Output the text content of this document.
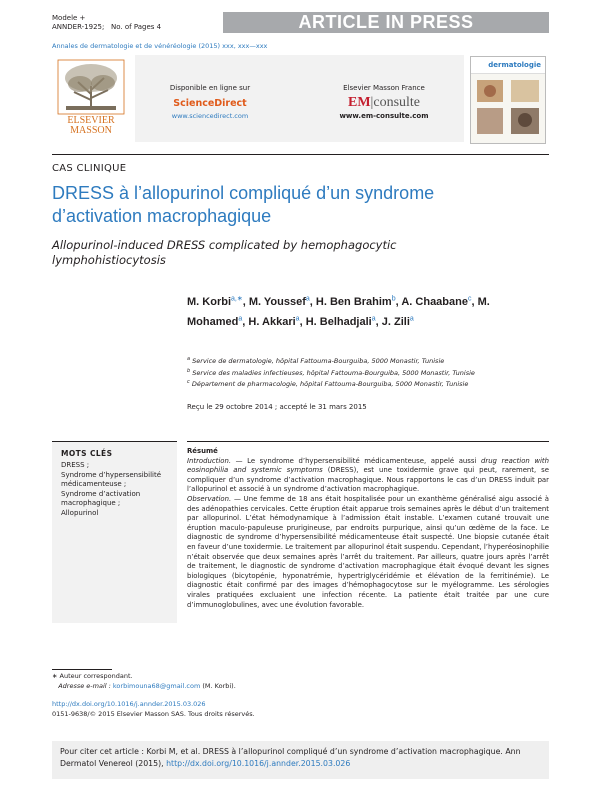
Modele +
ANNDER-1925; No. of Pages 4	ARTICLE IN PRESS
Annales de dermatologie et de vénéréologie (2015) xxx, xxx—xxx
ELSEVIER
MASSON
Disponible en ligne sur
ScienceDirect
www.sciencedirect.com
Elsevier Masson France
EM|consulte
www.em-consulte.com
dermatologie
CAS CLINIQUE
DRESS à l’allopurinol compliqué d’un syndrome d’activation macrophagique
Allopurinol-induced DRESS complicated by hemophagocytic lymphohistiocytosis
M. Korbi$^{a,∗}$, M. Youssef$^a$, H. Ben Brahim$^b$, A. Chaabane$^c$, M. Mohamed$^a$, H. Akkari$^a$, H. Belhadjali$^a$, J. Zili$^a$
$^a$ Service de dermatologie, hôpital Fattouma-Bourguiba, 5000 Monastir, Tunisie
$^b$ Service des maladies infectieuses, hôpital Fattouma-Bourguiba, 5000 Monastir, Tunisie
$^c$ Département de pharmacologie, hôpital Fattouma-Bourguiba, 5000 Monastir, Tunisie
Reçu le 29 octobre 2014 ; accepté le 31 mars 2015
MOTS CLÉS
DRESS ;
Syndrome d’hypersensibilité médicamenteuse ;
Syndrome d’activation macrophagique ;
Allopurinol
Résumé

Introduction. — Le syndrome d’hypersensibilité médicamenteuse, appelé aussi drug reaction with eosinophilia and systemic symptoms (DRESS), est une toxidermie grave qui peut, rarement, se compliquer d’un syndrome d’activation macrophagique. Nous rapportons le cas d’un DRESS induit par l’allopurinol et associé à un syndrome d’activation macrophagique.

Observation. — Une femme de 18 ans était hospitalisée pour un exanthème généralisé aigu associé à des adénopathies cervicales. Cette éruption était apparue trois semaines après le début d’un traitement par allopurinol. L’état hémodynamique à l’admission était instable. L’examen cutané trouvait une éruption maculo-papuleuse prurigineuse, par endroits purpurique, ainsi qu’un œdème de la face. Le diagnostic de syndrome d’hypersensibilité médicamenteuse était suspecté. Une biopsie cutanée était en faveur d’une toxidermie. Le traitement par allopurinol était suspendu. Cependant, l’hyperéosinophilie n’était observée que deux semaines après l’arrêt du traitement. Par ailleurs, quatre jours après l’arrêt de traitement, le diagnostic de syndrome d’activation macrophagique était évoqué devant les signes biologiques (bicytopénie, hyponatrémie, hypertriglycéridémie et élévation de la ferritinémie). Le diagnostic était confirmé par des images d’hémophagocytose sur le myélogramme. Les sérologies virales pratiquées excluaient une infection récente. La patiente était traitée par une cure d’immunoglobulines, avec une évolution favorable.

∗ Auteur correspondant.
Adresse e-mail : korbimouna68@gmail.com (M. Korbi).
http://dx.doi.org/10.1016/j.annder.2015.03.026
0151-9638/© 2015 Elsevier Masson SAS. Tous droits réservés.
Pour citer cet article : Korbi M, et al. DRESS à l’allopurinol compliqué d’un syndrome d’activation macrophagique. Ann Dermatol Venereol (2015), http://dx.doi.org/10.1016/j.annder.2015.03.026
